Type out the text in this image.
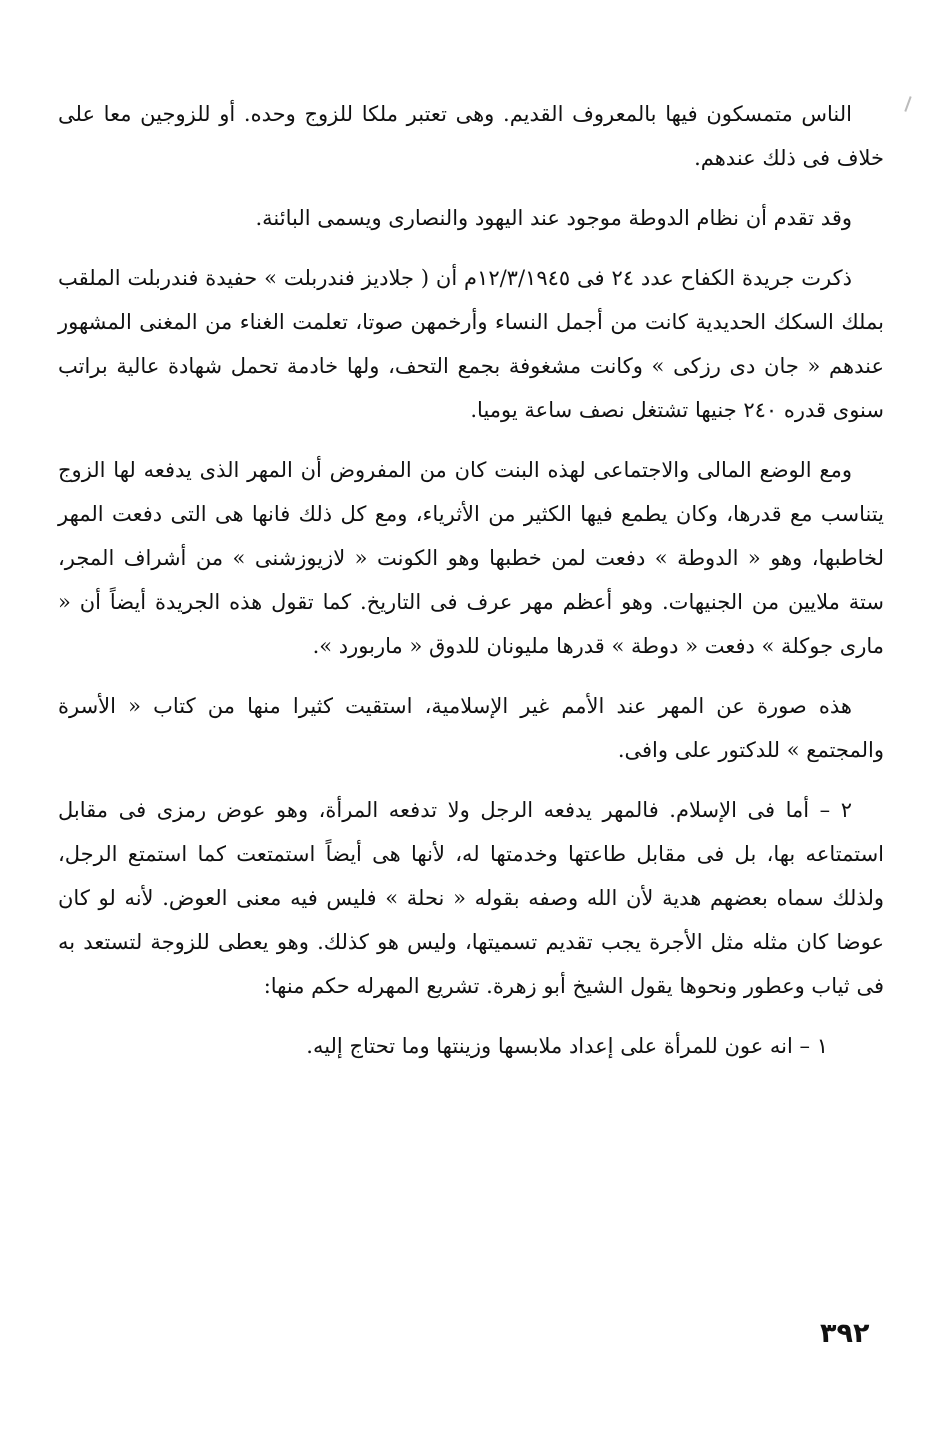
الناس متمسكون فيها بالمعروف القديم. وهى تعتبر ملكا للزوج وحده. أو للزوجين معا على خلاف فى ذلك عندهم.

وقد تقدم أن نظام الدوطة موجود عند اليهود والنصارى ويسمى البائنة.

ذكرت جريدة الكفاح عدد ٢٤ فى ١٢/٣/١٩٤٥م أن ( جلاديز فندربلت » حفيدة فندربلت الملقب بملك السكك الحديدية كانت من أجمل النساء وأرخمهن صوتا، تعلمت الغناء من المغنى المشهور عندهم « جان دى رزكى » وكانت مشغوفة بجمع التحف، ولها خادمة تحمل شهادة عالية براتب سنوى قدره ٢٤٠ جنيها تشتغل نصف ساعة يوميا.

ومع الوضع المالى والاجتماعى لهذه البنت كان من المفروض أن المهر الذى يدفعه لها الزوج يتناسب مع قدرها، وكان يطمع فيها الكثير من الأثرياء، ومع كل ذلك فانها هى التى دفعت المهر لخاطبها، وهو « الدوطة » دفعت لمن خطبها وهو الكونت « لازيوزشنى » من أشراف المجر، ستة ملايين من الجنيهات. وهو أعظم مهر عرف فى التاريخ. كما تقول هذه الجريدة أيضاً أن « مارى جوكلة » دفعت « دوطة » قدرها مليونان للدوق « ماربورد ».

هذه صورة عن المهر عند الأمم غير الإسلامية، استقيت كثيرا منها من كتاب « الأسرة والمجتمع » للدكتور على وافى.

٢ – أما فى الإسلام. فالمهر يدفعه الرجل ولا تدفعه المرأة، وهو عوض رمزى فى مقابل استمتاعه بها، بل فى مقابل طاعتها وخدمتها له، لأنها هى أيضاً استمتعت كما استمتع الرجل، ولذلك سماه بعضهم هدية لأن الله وصفه بقوله « نحلة » فليس فيه معنى العوض. لأنه لو كان عوضا كان مثله مثل الأجرة يجب تقديم تسميتها، وليس هو كذلك. وهو يعطى للزوجة لتستعد به فى ثياب وعطور ونحوها يقول الشيخ أبو زهرة. تشريع المهرله حكم منها:

١ – انه عون للمرأة على إعداد ملابسها وزينتها وما تحتاج إليه.

٣٩٢
